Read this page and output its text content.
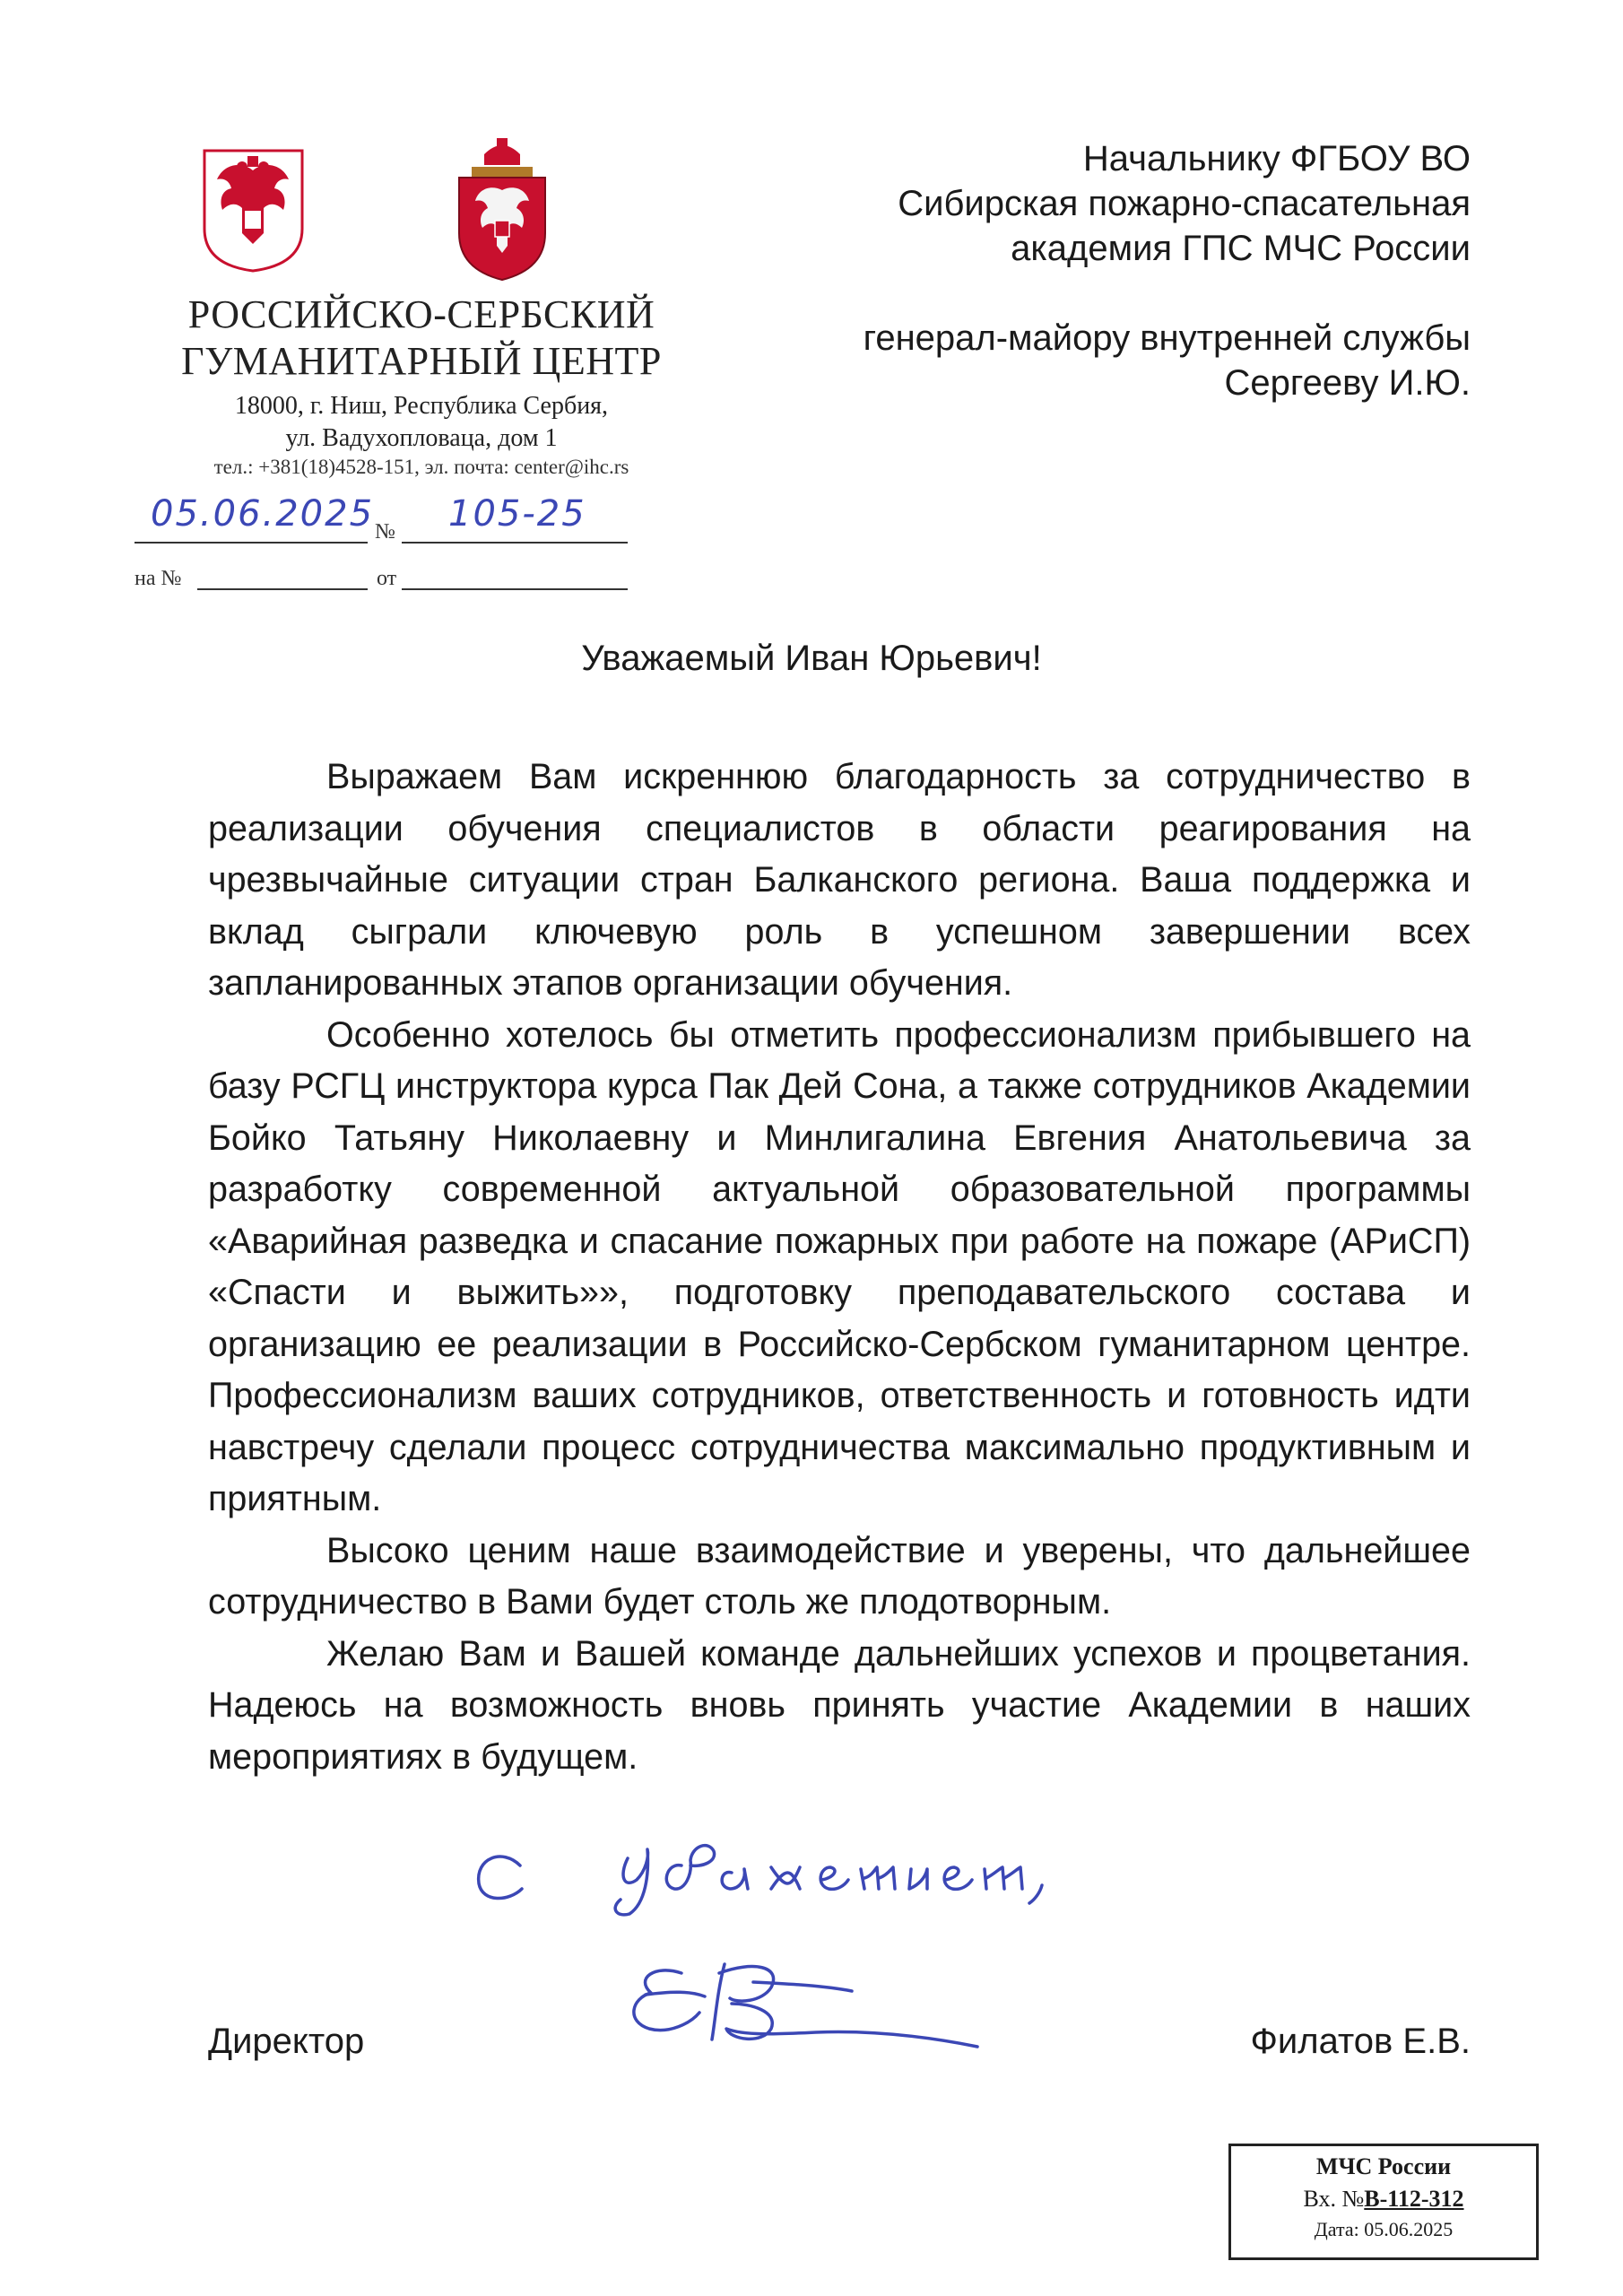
РОССИЙСКО-СЕРБСКИЙ
ГУМАНИТАРНЫЙ ЦЕНТР
18000, г. Ниш, Республика Сербия,
ул. Вадухопловаца, дом 1
тел.: +381(18)4528-151, эл. почта: center@ihc.rs
05.06.2025 № 105-25
на №	от
Начальнику ФГБОУ ВО
Сибирская пожарно-спасательная
академия ГПС МЧС России
генерал-майору внутренней службы
Сергееву И.Ю.
Уважаемый Иван Юрьевич!

Выражаем Вам искреннюю благодарность за сотрудничество в реализации обучения специалистов в области реагирования на чрезвычайные ситуации стран Балканского региона. Ваша поддержка и вклад сыграли ключевую роль в успешном завершении всех запланированных этапов организации обучения.

Особенно хотелось бы отметить профессионализм прибывшего на базу РСГЦ инструктора курса Пак Дей Сона, а также сотрудников Академии Бойко Татьяну Николаевну и Минлигалина Евгения Анатольевича за разработку современной актуальной образовательной программы «Аварийная разведка и спасание пожарных при работе на пожаре (АРиСП) «Спасти и выжить»», подготовку преподавательского состава и организацию ее реализации в Российско-Сербском гуманитарном центре. Профессионализм ваших сотрудников, ответственность и готовность идти навстречу сделали процесс сотрудничества максимально продуктивным и приятным.

Высоко ценим наше взаимодействие и уверены, что дальнейшее сотрудничество в Вами будет столь же плодотворным.

Желаю Вам и Вашей команде дальнейших успехов и процветания. Надеюсь на возможность вновь принять участие Академии в наших мероприятиях в будущем.

Директор	Филатов Е.В.
МЧС России
Вх. №В-112-312
Дата: 05.06.2025
